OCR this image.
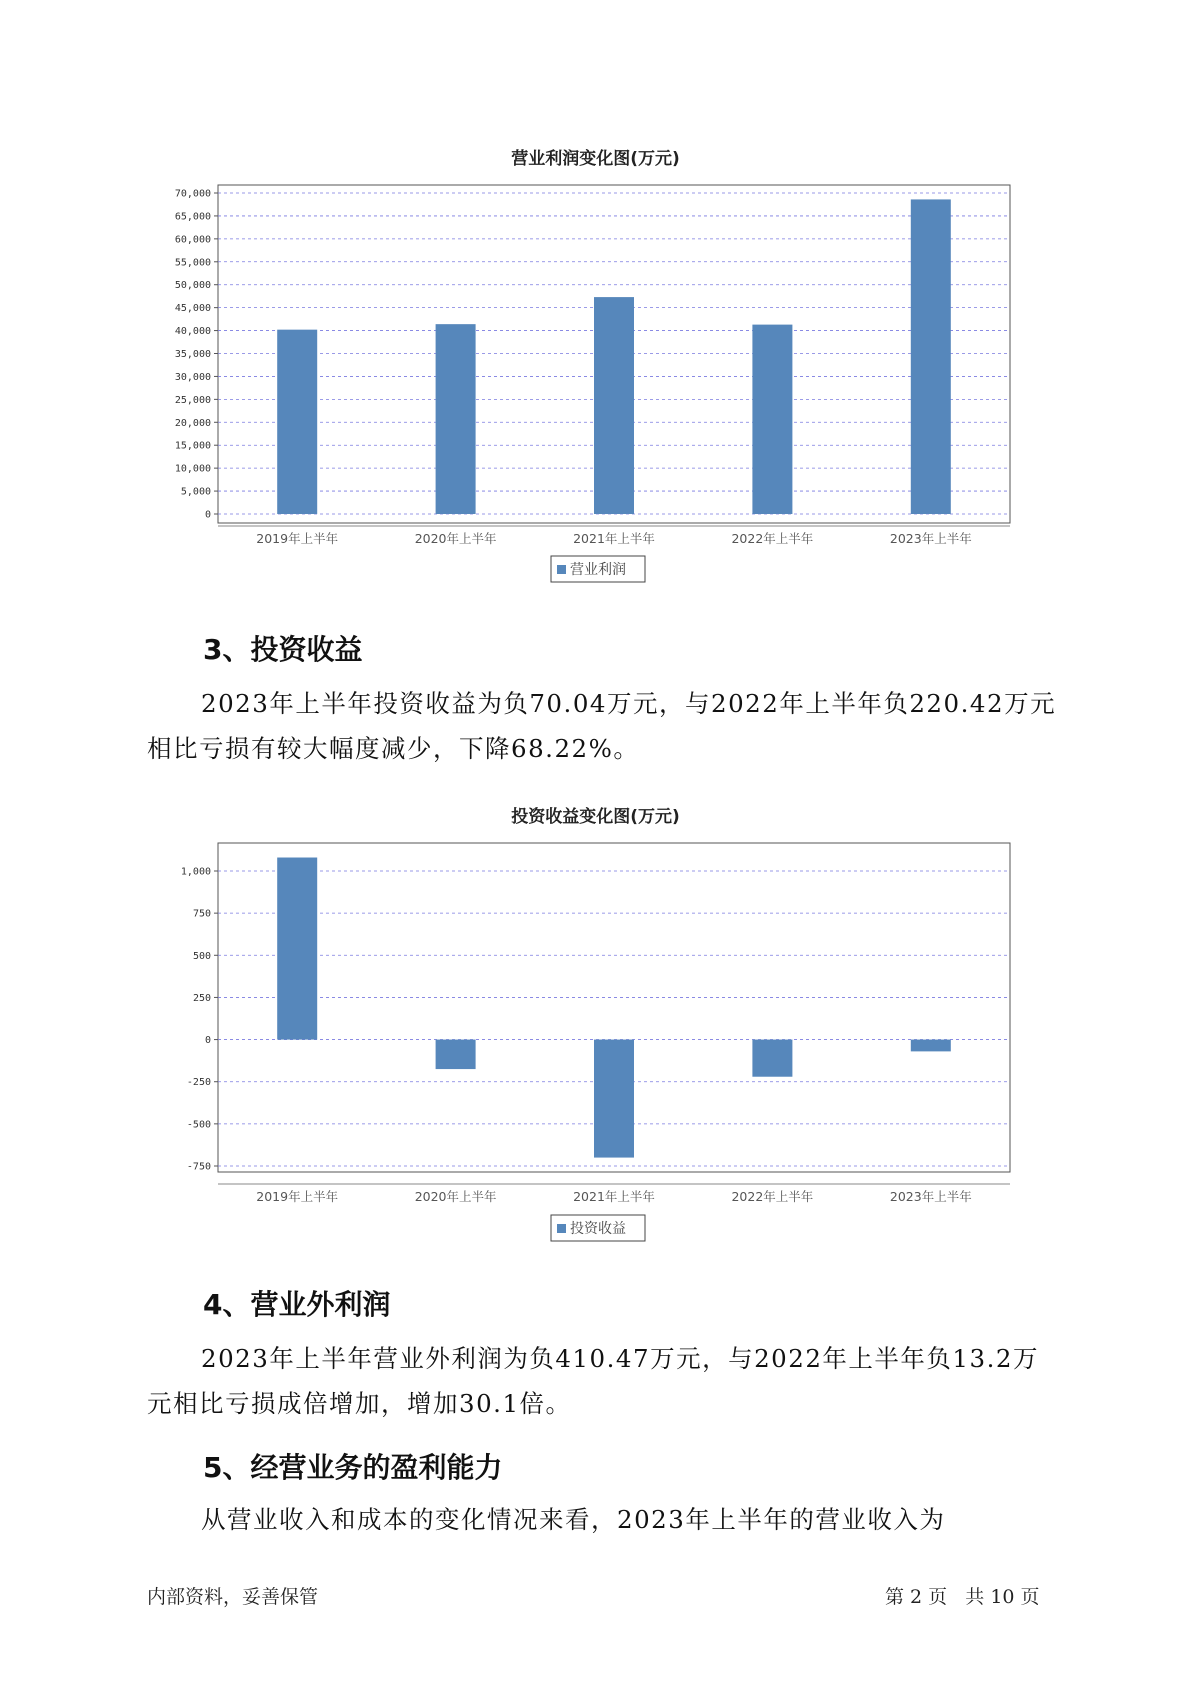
营业利润变化图(万元)
0
5,000
10,000
15,000
20,000
25,000
30,000
35,000
40,000
45,000
50,000
55,000
60,000
65,000
70,000
2019年上半年	2020年上半年	2021年上半年	2022年上半年	2023年上半年
营业利润
3、投资收益
2023年上半年投资收益为负70.04万元，与2022年上半年负220.42万元
相比亏损有较大幅度减少，下降68.22%。
投资收益变化图(万元)
-750
-500
-250
0
250
500
750
1,000
2019年上半年	2020年上半年	2021年上半年	2022年上半年	2023年上半年
投资收益
4、营业外利润
2023年上半年营业外利润为负410.47万元，与2022年上半年负13.2万
元相比亏损成倍增加，增加30.1倍。
5、经营业务的盈利能力
从营业收入和成本的变化情况来看，2023年上半年的营业收入为
内部资料，妥善保管	第 2 页   共 10 页
